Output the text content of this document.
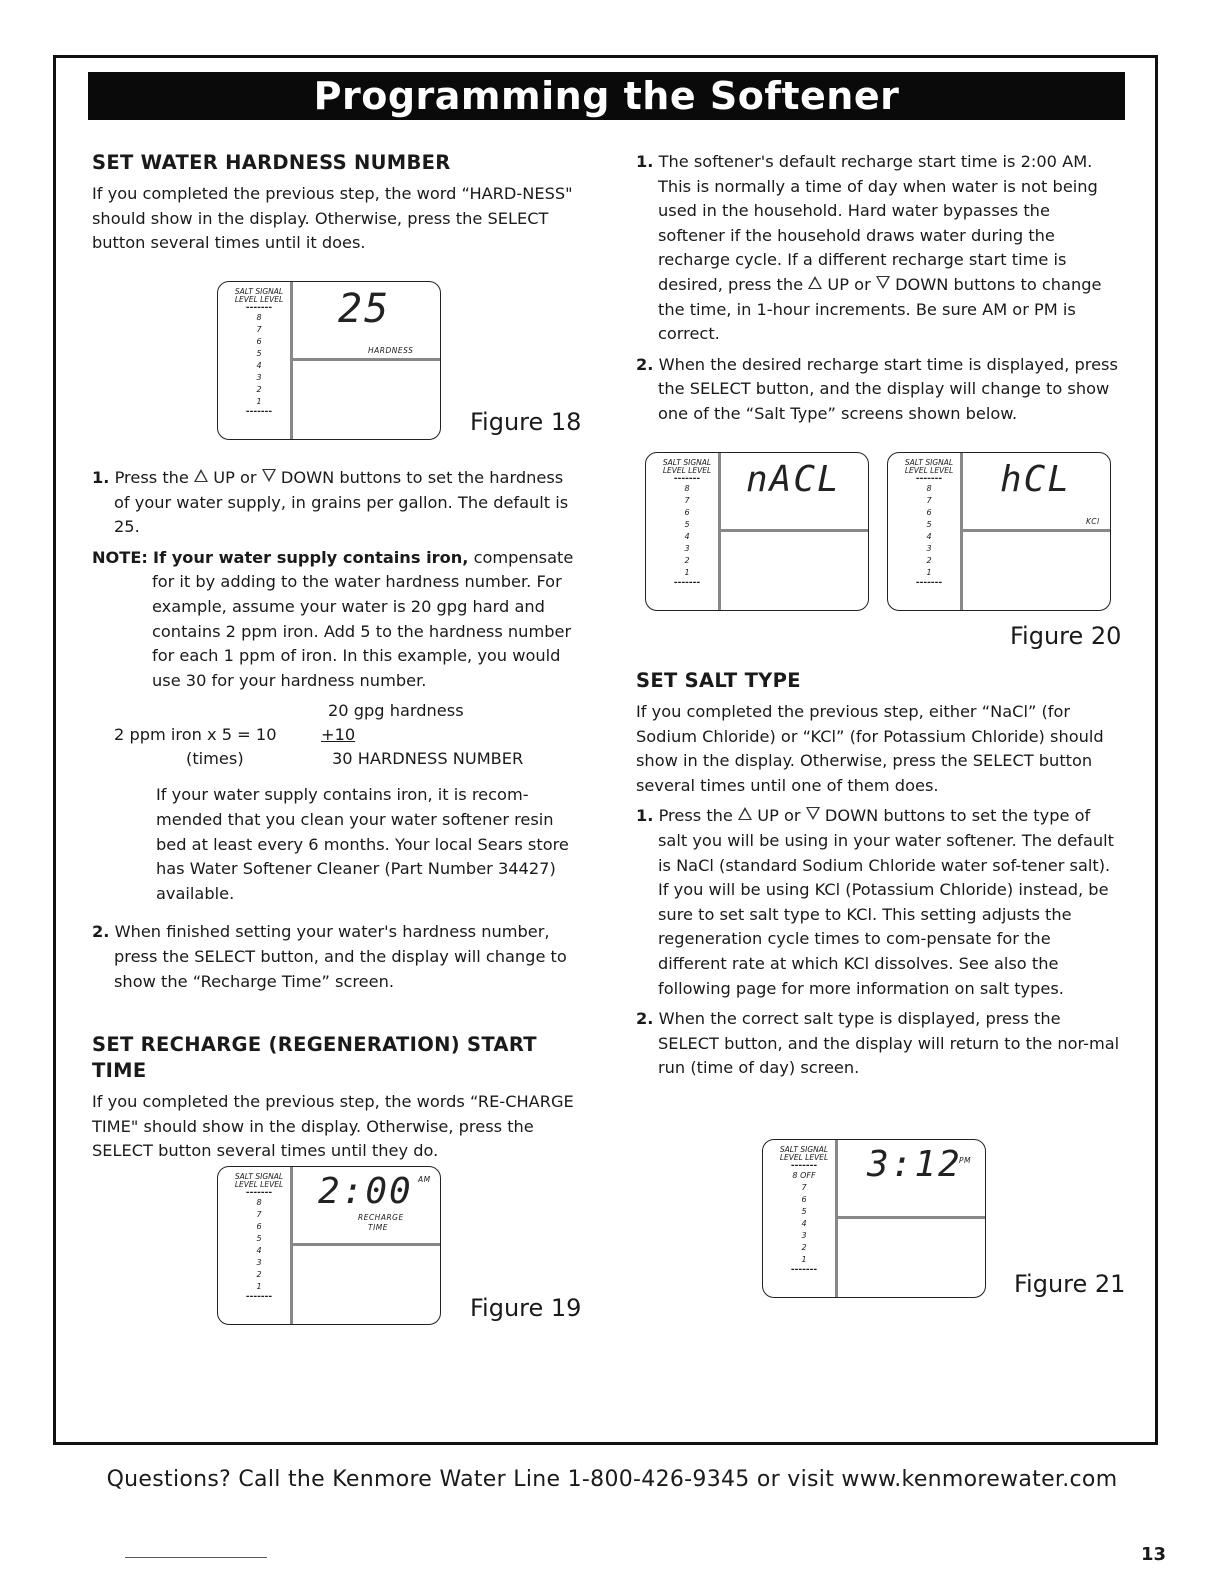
Programming the Softener
SET WATER HARDNESS NUMBER

If you completed the previous step, the word “HARD-NESS" should show in the display. Otherwise, press the SELECT button several times until it does.

SALT SIGNAL
LEVEL LEVEL
-------
8
7
6
5
4
3
2
1
-------
25
HARDNESS
Figure 18

1. Press the UP or DOWN buttons to set the hardness of your water supply, in grains per gallon. The default is 25.

NOTE: If your water supply contains iron, compensate for it by adding to the water hardness number. For example, assume your water is 20 gpg hard and contains 2 ppm iron. Add 5 to the hardness number for each 1 ppm of iron. In this example, you would use 30 for your hardness number.

20 gpg hardness
2 ppm iron x 5 = 10	+10
(times)	30 HARDNESS NUMBER

If your water supply contains iron, it is recom-mended that you clean your water softener resin bed at least every 6 months. Your local Sears store has Water Softener Cleaner (Part Number 34427) available.

2. When finished setting your water's hardness number, press the SELECT button, and the display will change to show the “Recharge Time” screen.

SET RECHARGE (REGENERATION) START TIME

If you completed the previous step, the words “RE-CHARGE TIME" should show in the display. Otherwise, press the SELECT button several times until they do.

SALT SIGNAL
LEVEL LEVEL
-------
8
7
6
5
4
3
2
1
-------
2:00 AM
RECHARGE
TIME
Figure 19

1. The softener's default recharge start time is 2:00 AM. This is normally a time of day when water is not being used in the household. Hard water bypasses the softener if the household draws water during the recharge cycle. If a different recharge start time is desired, press the UP or DOWN buttons to change the time, in 1-hour increments. Be sure AM or PM is correct.

2. When the desired recharge start time is displayed, press the SELECT button, and the display will change to show one of the “Salt Type” screens shown below.

SALT SIGNAL
LEVEL LEVEL
-------
8
7
6
5
4
3
2
1
-------
nACL	SALT SIGNAL
LEVEL LEVEL
-------
8
7
6
5
4
3
2
1
-------
hCL
KCl
Figure 20
SET SALT TYPE

If you completed the previous step, either “NaCl” (for Sodium Chloride) or “KCl” (for Potassium Chloride) should show in the display. Otherwise, press the SELECT button several times until one of them does.

1. Press the UP or DOWN buttons to set the type of salt you will be using in your water softener. The default is NaCl (standard Sodium Chloride water sof-tener salt). If you will be using KCl (Potassium Chloride) instead, be sure to set salt type to KCl. This setting adjusts the regeneration cycle times to com-pensate for the different rate at which KCl dissolves. See also the following page for more information on salt types.

2. When the correct salt type is displayed, press the SELECT button, and the display will return to the nor-mal run (time of day) screen.

SALT SIGNAL
LEVEL LEVEL
-------
8 OFF
7
6
5
4
3
2
1
-------
3:12
PM
Figure 21
Questions? Call the Kenmore Water Line 1-800-426-9345 or visit www.kenmorewater.com
13
